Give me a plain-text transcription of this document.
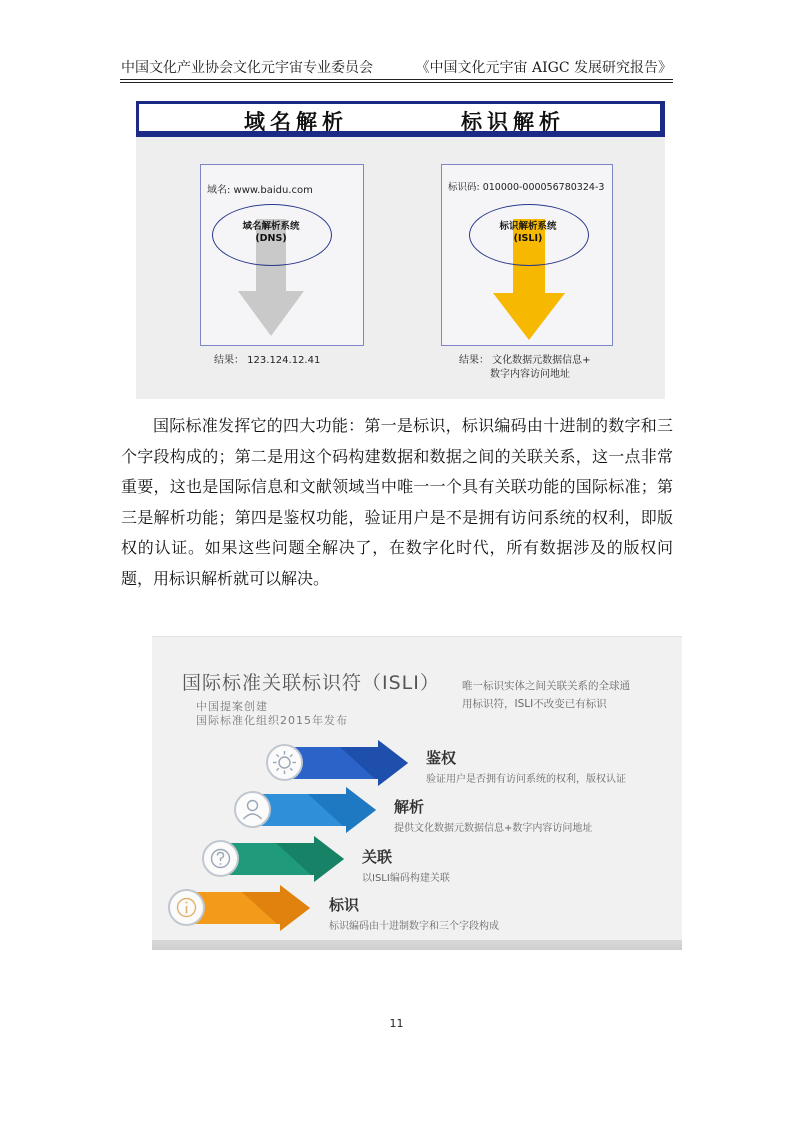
中国文化产业协会文化元宇宙专业委员会	《中国文化元宇宙 AIGC 发展研究报告》
域名解析	标识解析
域名解析系统
(DNS)
标识解析系统
(ISLI)
域名: www.baidu.com	标识码: 010000-000056780324-3
结果： 123.124.12.41	结果： 文化数据元数据信息+
数字内容访问地址

国际标准发挥它的四大功能：第一是标识，标识编码由十进制的数字和三个字段构成的；第二是用这个码构建数据和数据之间的关联关系，这一点非常重要，这也是国际信息和文献领域当中唯一一个具有关联功能的国际标准；第三是解析功能；第四是鉴权功能，验证用户是不是拥有访问系统的权利，即版权的认证。如果这些问题全解决了，在数字化时代，所有数据涉及的版权问题，用标识解析就可以解决。

国际标准关联标识符（ISLI）
中国提案创建
国际标准化组织2015年发布
唯一标识实体之间关联关系的全球通
用标识符，ISLI不改变已有标识
鉴权
验证用户是否拥有访问系统的权利，版权认证
解析
提供文化数据元数据信息+数字内容访问地址
关联
以ISLI编码构建关联
标识
标识编码由十进制数字和三个字段构成
11
